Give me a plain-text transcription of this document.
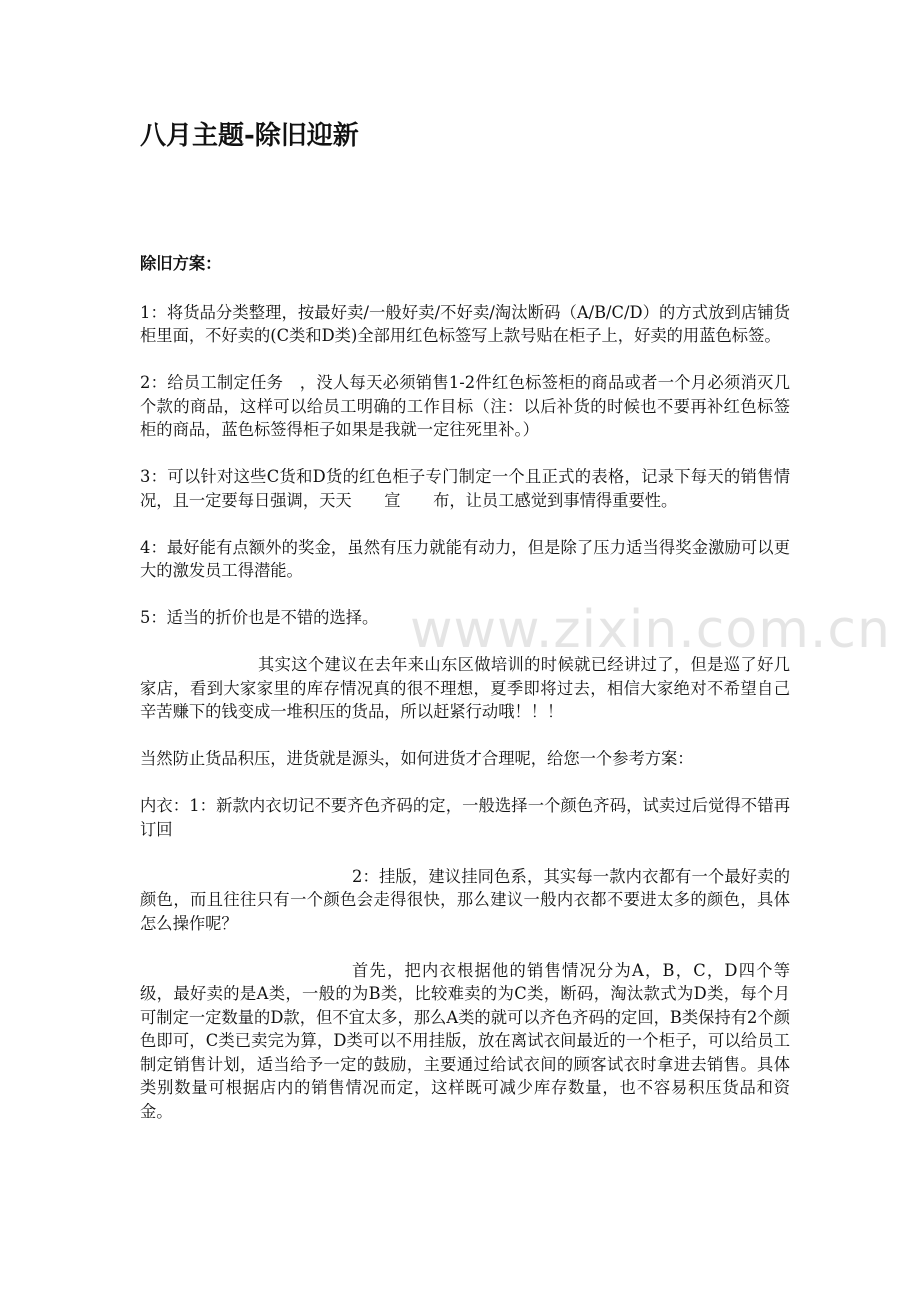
八月主题-除旧迎新

除旧方案：

1：将货品分类整理，按最好卖/一般好卖/不好卖/淘汰断码（A/B/C/D）的方式放到店铺货柜里面，不好卖的(C类和D类)全部用红色标签写上款号贴在柜子上，好卖的用蓝色标签。

2：给员工制定任务　，没人每天必须销售1-2件红色标签柜的商品或者一个月必须消灭几个款的商品，这样可以给员工明确的工作目标（注：以后补货的时候也不要再补红色标签柜的商品，蓝色标签得柜子如果是我就一定往死里补。）

3：可以针对这些C货和D货的红色柜子专门制定一个且正式的表格，记录下每天的销售情况，且一定要每日强调，天天　　宣　　布，让员工感觉到事情得重要性。

4：最好能有点额外的奖金，虽然有压力就能有动力，但是除了压力适当得奖金激励可以更大的激发员工得潜能。

5：适当的折价也是不错的选择。

其实这个建议在去年来山东区做培训的时候就已经讲过了，但是巡了好几家店，看到大家家里的库存情况真的很不理想，夏季即将过去，相信大家绝对不希望自己辛苦赚下的钱变成一堆积压的货品，所以赶紧行动哦！！！

当然防止货品积压，进货就是源头，如何进货才合理呢，给您一个参考方案：

内衣：1：新款内衣切记不要齐色齐码的定，一般选择一个颜色齐码，试卖过后觉得不错再订回

2：挂版，建议挂同色系，其实每一款内衣都有一个最好卖的颜色，而且往往只有一个颜色会走得很快，那么建议一般内衣都不要进太多的颜色，具体怎么操作呢？

首先，把内衣根据他的销售情况分为A，B，C，D四个等级，最好卖的是A类，一般的为B类，比较难卖的为C类，断码，淘汰款式为D类，每个月可制定一定数量的D款，但不宜太多，那么A类的就可以齐色齐码的定回，B类保持有2个颜色即可，C类已卖完为算，D类可以不用挂版，放在离试衣间最近的一个柜子，可以给员工制定销售计划，适当给予一定的鼓励，主要通过给试衣间的顾客试衣时拿进去销售。具体类别数量可根据店内的销售情况而定，这样既可减少库存数量，也不容易积压货品和资金。

www.zixin.com.cn
